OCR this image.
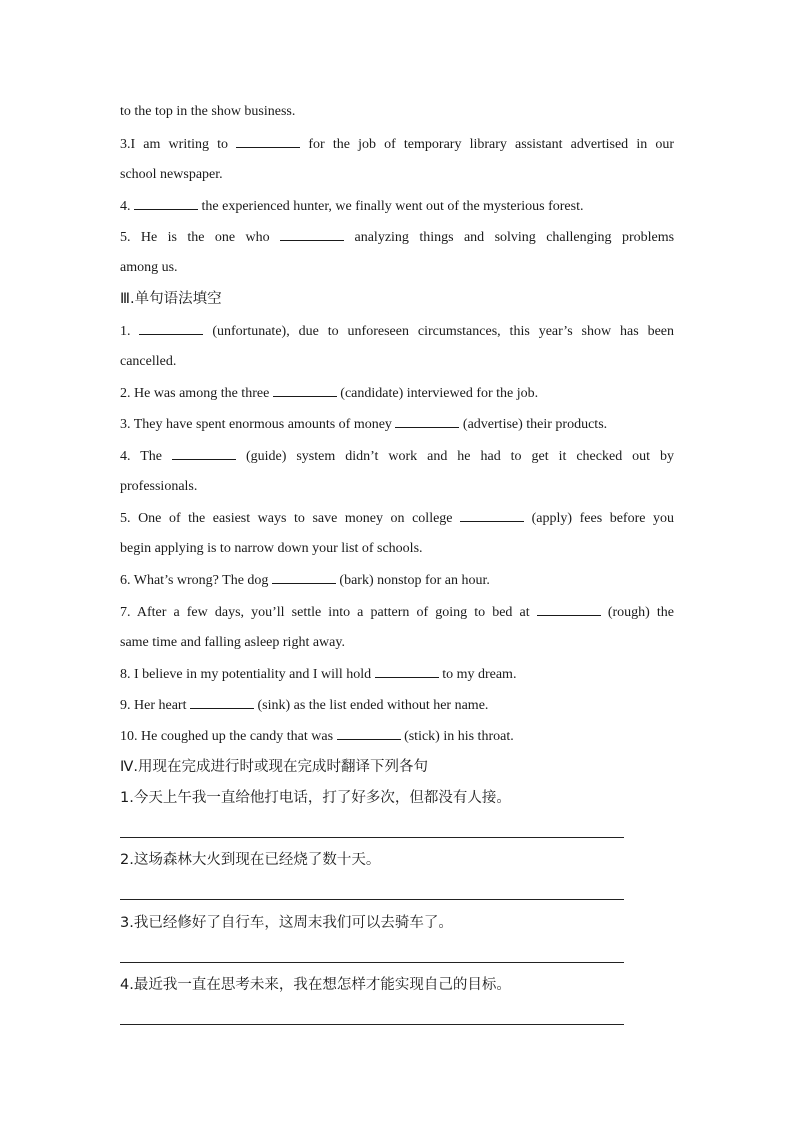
to the top in the show business.
3.I am writing to	for the job of temporary library assistant advertised in our
school newspaper.
4.	the experienced hunter, we finally went out of the mysterious forest.
5. He is the one who	analyzing things and solving challenging problems
among us.
Ⅲ.单句语法填空
1.	(unfortunate), due to unforeseen circumstances, this year’s show has been
cancelled.
2. He was among the three	(candidate) interviewed for the job.
3. They have spent enormous amounts of money	(advertise) their products.
4. The	(guide) system didn’t work and he had to get it checked out by
professionals.
5. One of the easiest ways to save money on college	(apply) fees before you
begin applying is to narrow down your list of schools.
6. What’s wrong? The dog	(bark) nonstop for an hour.
7. After a few days, you’ll settle into a pattern of going to bed at	(rough) the
same time and falling asleep right away.
8. I believe in my potentiality and I will hold	to my dream.
9. Her heart	(sink) as the list ended without her name.
10. He coughed up the candy that was	(stick) in his throat.
Ⅳ.用现在完成进行时或现在完成时翻译下列各句
1.今天上午我一直给他打电话，打了好多次，但都没有人接。
2.这场森林大火到现在已经烧了数十天。
3.我已经修好了自行车，这周末我们可以去骑车了。
4.最近我一直在思考未来，我在想怎样才能实现自己的目标。
